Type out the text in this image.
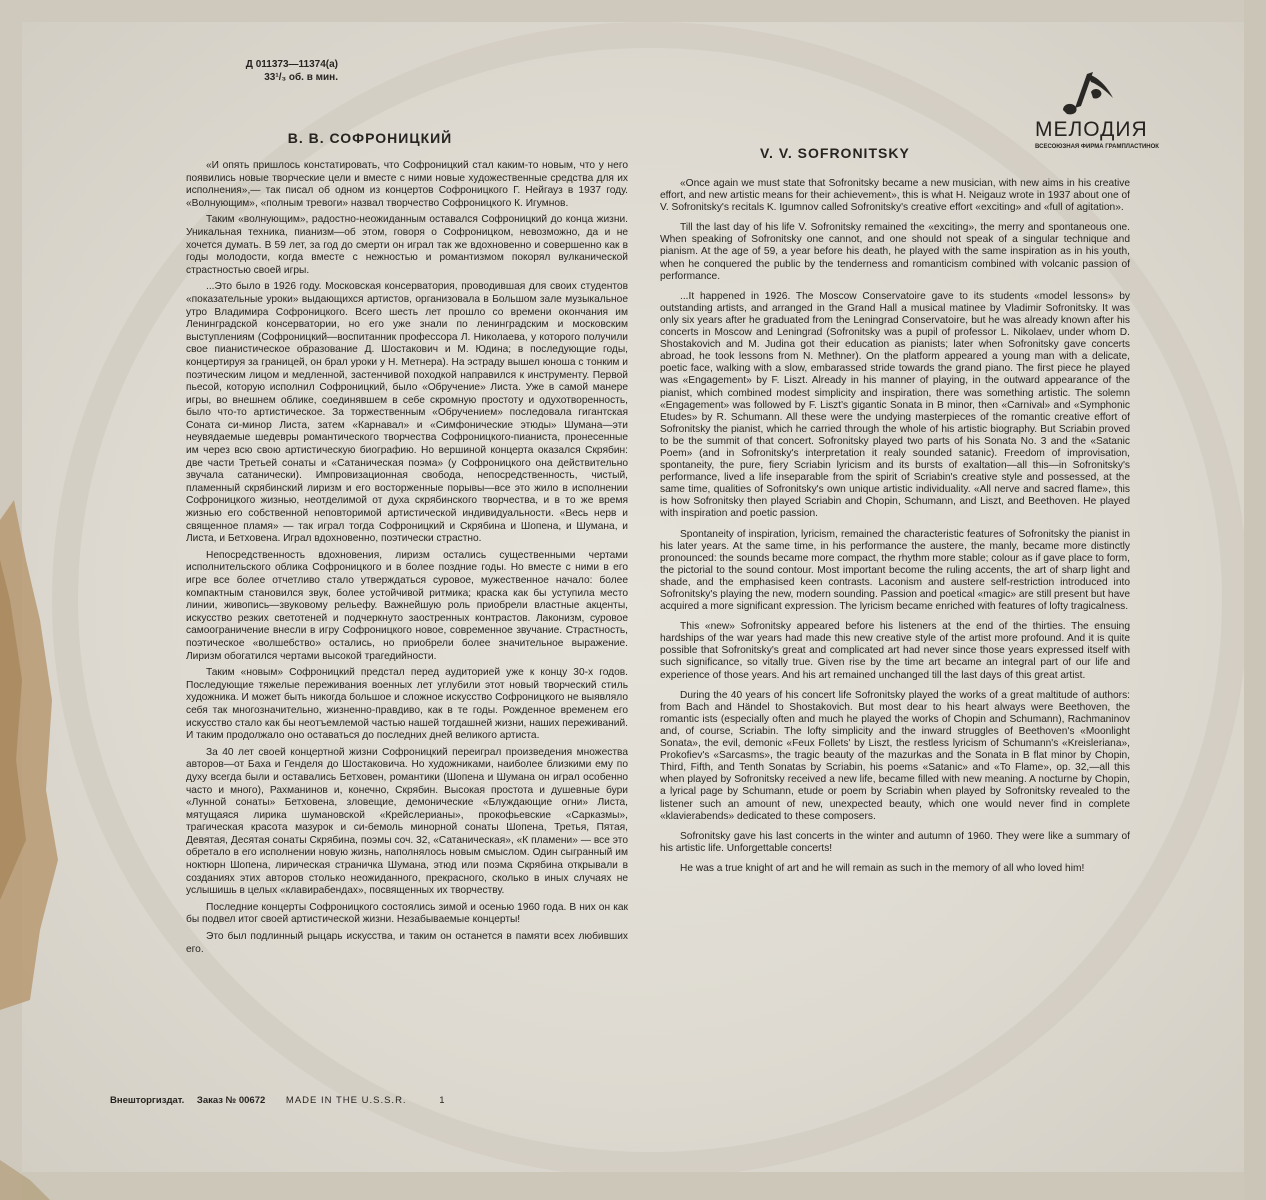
Д 011373—11374(а)
33¹/₃ об. в мин.
МЕЛОДИЯ
ВСЕСОЮЗНАЯ ФИРМА ГРАМПЛАСТИНОК
В. В. СОФРОНИЦКИЙ
V. V. SOFRONITSKY

«И опять пришлось констатировать, что Софроницкий стал каким-то новым, что у него появились новые творческие цели и вместе с ними новые художественные средства для их исполнения»,— так писал об одном из концертов Софроницкого Г. Нейгауз в 1937 году. «Волнующим», «полным тревоги» назвал творчество Софроницкого К. Игумнов.

Таким «волнующим», радостно-неожиданным оставался Софроницкий до конца жизни. Уникальная техника, пианизм—об этом, говоря о Софроницком, невозможно, да и не хочется думать. В 59 лет, за год до смерти он играл так же вдохновенно и совершенно как в годы молодости, когда вместе с нежностью и романтизмом покорял вулканической страстностью своей игры.

...Это было в 1926 году. Московская консерватория, проводившая для своих студентов «показательные уроки» выдающихся артистов, организовала в Большом зале музыкальное утро Владимира Софроницкого. Всего шесть лет прошло со времени окончания им Ленинградской консерватории, но его уже знали по ленинградским и московским выступлениям (Софроницкий—воспитанник профессора Л. Николаева, у которого получили свое пианистическое образование Д. Шостакович и М. Юдина; в последующие годы, концертируя за границей, он брал уроки у Н. Метнера). На эстраду вышел юноша с тонким и поэтическим лицом и медленной, застенчивой походкой направился к инструменту. Первой пьесой, которую исполнил Софроницкий, было «Обручение» Листа. Уже в самой манере игры, во внешнем облике, соединявшем в себе скромную простоту и одухотворенность, было что-то артистическое. За торжественным «Обручением» последовала гигантская Соната си-минор Листа, затем «Карнавал» и «Симфонические этюды» Шумана—эти неувядаемые шедевры романтического творчества Софроницкого-пианиста, пронесенные им через всю свою артистическую биографию. Но вершиной концерта оказался Скрябин: две части Третьей сонаты и «Сатаническая поэма» (у Софроницкого она действительно звучала сатанически). Импровизационная свобода, непосредственность, чистый, пламенный скрябинский лиризм и его восторженные порывы—все это жило в исполнении Софроницкого жизнью, неотделимой от духа скрябинского творчества, и в то же время жизнью его собственной неповторимой артистической индивидуальности. «Весь нерв и священное пламя» — так играл тогда Софроницкий и Скрябина и Шопена, и Шумана, и Листа, и Бетховена. Играл вдохновенно, поэтически страстно.

Непосредственность вдохновения, лиризм остались существенными чертами исполнительского облика Софроницкого и в более поздние годы. Но вместе с ними в его игре все более отчетливо стало утверждаться суровое, мужественное начало: более компактным становился звук, более устойчивой ритмика; краска как бы уступила место линии, живопись—звуковому рельефу. Важнейшую роль приобрели властные акценты, искусство резких светотеней и подчеркнуто заостренных контрастов. Лаконизм, суровое самоограничение внесли в игру Софроницкого новое, современное звучание. Страстность, поэтическое «волшебство» остались, но приобрели более значительное выражение. Лиризм обогатился чертами высокой трагедийности.

Таким «новым» Софроницкий предстал перед аудиторией уже к концу 30-х годов. Последующие тяжелые переживания военных лет углубили этот новый творческий стиль художника. И может быть никогда большое и сложное искусство Софроницкого не выявляло себя так многозначительно, жизненно-правдиво, как в те годы. Рожденное временем его искусство стало как бы неотъемлемой частью нашей тогдашней жизни, наших переживаний. И таким продолжало оно оставаться до последних дней великого артиста.

За 40 лет своей концертной жизни Софроницкий переиграл произведения множества авторов—от Баха и Генделя до Шостаковича. Но художниками, наиболее близкими ему по духу всегда были и оставались Бетховен, романтики (Шопена и Шумана он играл особенно часто и много), Рахманинов и, конечно, Скрябин. Высокая простота и душевные бури «Лунной сонаты» Бетховена, зловещие, демонические «Блуждающие огни» Листа, мятущаяся лирика шумановской «Крейслерианы», прокофьевские «Сарказмы», трагическая красота мазурок и си-бемоль минорной сонаты Шопена, Третья, Пятая, Девятая, Десятая сонаты Скрябина, поэмы соч. 32, «Сатаническая», «К пламени» — все это обретало в его исполнении новую жизнь, наполнялось новым смыслом. Один сыгранный им ноктюрн Шопена, лирическая страничка Шумана, этюд или поэма Скрябина открывали в созданиях этих авторов столько неожиданного, прекрасного, сколько в иных случаях не услышишь в целых «клавирабендах», посвященных их творчеству.

Последние концерты Софроницкого состоялись зимой и осенью 1960 года. В них он как бы подвел итог своей артистической жизни. Незабываемые концерты!

Это был подлинный рыцарь искусства, и таким он останется в памяти всех любивших его.

«Once again we must state that Sofronitsky became a new musician, with new aims in his creative effort, and new artistic means for their achievement», this is what H. Neigauz wrote in 1937 about one of V. Sofronitsky's recitals K. Igumnov called Sofronitsky's creative effort «exciting» and «full of agitation».

Till the last day of his life V. Sofronitsky remained the «exciting», the merry and spontaneous one. When speaking of Sofronitsky one cannot, and one should not speak of a singular technique and pianism. At the age of 59, a year before his death, he played with the same inspiration as in his youth, when he conquered the public by the tenderness and romanticism combined with volcanic passion of performance.

...It happened in 1926. The Moscow Conservatoire gave to its students «model lessons» by outstanding artists, and arranged in the Grand Hall a musical matinee by Vladimir Sofronitsky. It was only six years after he graduated from the Leningrad Conservatoire, but he was already known after his concerts in Moscow and Leningrad (Sofronitsky was a pupil of professor L. Nikolaev, under whom D. Shostakovich and M. Judina got their education as pianists; later when Sofronitsky gave concerts abroad, he took lessons from N. Methner). On the platform appeared a young man with a delicate, poetic face, walking with a slow, embarassed stride towards the grand piano. The first piece he played was «Engagement» by F. Liszt. Already in his manner of playing, in the outward appearance of the pianist, which combined modest simplicity and inspiration, there was something artistic. The solemn «Engagement» was followed by F. Liszt's gigantic Sonata in B minor, then «Carnival» and «Symphonic Etudes» by R. Schumann. All these were the undying masterpieces of the romantic creative effort of Sofronitsky the pianist, which he carried through the whole of his artistic biography. But Scriabin proved to be the summit of that concert. Sofronitsky played two parts of his Sonata No. 3 and the «Satanic Poem» (and in Sofronitsky's interpretation it realy sounded satanic). Freedom of improvisation, spontaneity, the pure, fiery Scriabin lyricism and its bursts of exaltation—all this—in Sofronitsky's performance, lived a life inseparable from the spirit of Scriabin's creative style and possessed, at the same time, qualities of Sofronitsky's own unique artistic individuality. «All nerve and sacred flame», this is how Sofronitsky then played Scriabin and Chopin, Schumann, and Liszt, and Beethoven. He played with inspiration and poetic passion.

Spontaneity of inspiration, lyricism, remained the characteristic features of Sofronitsky the pianist in his later years. At the same time, in his performance the austere, the manly, became more distinctly pronounced: the sounds became more compact, the rhythm more stable; colour as if gave place to form, the pictorial to the sound contour. Most important become the ruling accents, the art of sharp light and shade, and the emphasised keen contrasts. Laconism and austere self-restriction introduced into Sofronitsky's playing the new, modern sounding. Passion and poetical «magic» are still present but have acquired a more significant expression. The lyricism became enriched with features of lofty tragicalness.

This «new» Sofronitsky appeared before his listeners at the end of the thirties. The ensuing hardships of the war years had made this new creative style of the artist more profound. And it is quite possible that Sofronitsky's great and complicated art had never since those years expressed itself with such significance, so vitally true. Given rise by the time art became an integral part of our life and experience of those years. And his art remained unchanged till the last days of this great artist.

During the 40 years of his concert life Sofronitsky played the works of a great maltitude of authors: from Bach and Händel to Shostakovich. But most dear to his heart always were Beethoven, the romantic ists (especially often and much he played the works of Chopin and Schumann), Rachmaninov and, of course, Scriabin. The lofty simplicity and the inward struggles of Beethoven's «Moonlight Sonata», the evil, demonic «Feux Follets' by Liszt, the restless lyricism of Schumann's «Kreisleriana», Prokofiev's «Sarcasms», the tragic beauty of the mazurkas and the Sonata in B flat minor by Chopin, Third, Fifth, and Tenth Sonatas by Scriabin, his poems «Satanic» and «To Flame», op. 32,—all this when played by Sofronitsky received a new life, became filled with new meaning. A nocturne by Chopin, a lyrical page by Schumann, etude or poem by Scriabin when played by Sofronitsky revealed to the listener such an amount of new, unexpected beauty, which one would never find in complete «klavierabends» dedicated to these composers.

Sofronitsky gave his last concerts in the winter and autumn of 1960. They were like a summary of his artistic life. Unforgettable concerts!

He was a true knight of art and he will remain as such in the memory of all who loved him!

Внешторгиздат. Заказ № 00672 MADE IN THE U.S.S.R.	1
